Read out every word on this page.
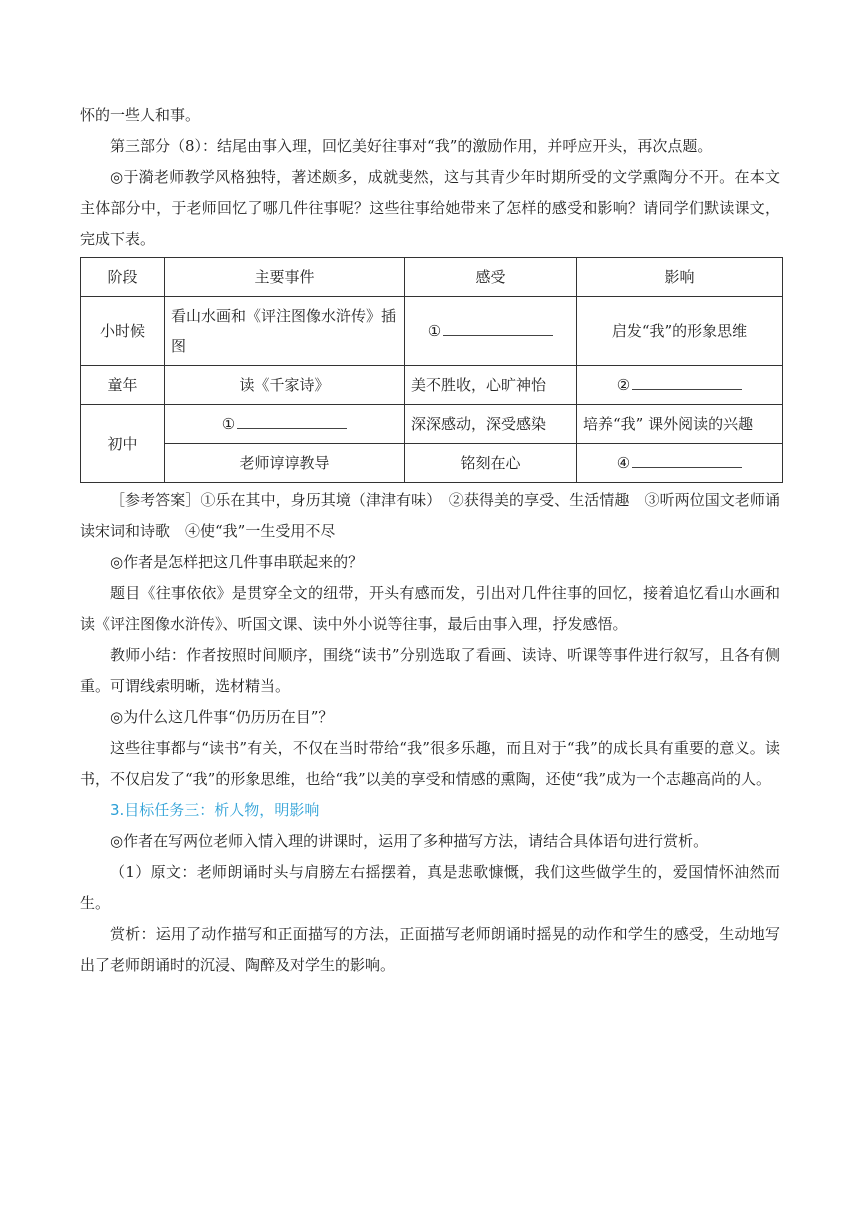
怀的一些人和事。

第三部分（8）：结尾由事入理，回忆美好往事对“我”的激励作用，并呼应开头，再次点题。

◎于漪老师教学风格独特，著述颇多，成就斐然，这与其青少年时期所受的文学熏陶分不开。在本文主体部分中，于老师回忆了哪几件往事呢？这些往事给她带来了怎样的感受和影响？请同学们默读课文，完成下表。

阶段	主要事件	感受	影响
小时候	看山水画和《评注图像水浒传》插图	①	启发“我”的形象思维
童年	读《千家诗》	美不胜收，心旷神怡	②
初中	①	深深感动，深受感染	培养“我” 课外阅读的兴趣
	老师谆谆教导	铭刻在心	④

［参考答案］①乐在其中，身历其境（津津有味）　②获得美的享受、生活情趣　③听两位国文老师诵读宋词和诗歌　④使“我”一生受用不尽

◎作者是怎样把这几件事串联起来的？

题目《往事依依》是贯穿全文的纽带，开头有感而发，引出对几件往事的回忆，接着追忆看山水画和读《评注图像水浒传》、听国文课、读中外小说等往事，最后由事入理，抒发感悟。

教师小结：作者按照时间顺序，围绕“读书”分别选取了看画、读诗、听课等事件进行叙写，且各有侧重。可谓线索明晰，选材精当。

◎为什么这几件事“仍历历在目”？

这些往事都与“读书”有关，不仅在当时带给“我”很多乐趣，而且对于“我”的成长具有重要的意义。读书，不仅启发了“我”的形象思维，也给“我”以美的享受和情感的熏陶，还使“我”成为一个志趣高尚的人。

3.目标任务三：析人物，明影响

◎作者在写两位老师入情入理的讲课时，运用了多种描写方法，请结合具体语句进行赏析。

（1）原文：老师朗诵时头与肩膀左右摇摆着，真是悲歌慷慨，我们这些做学生的，爱国情怀油然而生。

赏析：运用了动作描写和正面描写的方法，正面描写老师朗诵时摇晃的动作和学生的感受，生动地写出了老师朗诵时的沉浸、陶醉及对学生的影响。
